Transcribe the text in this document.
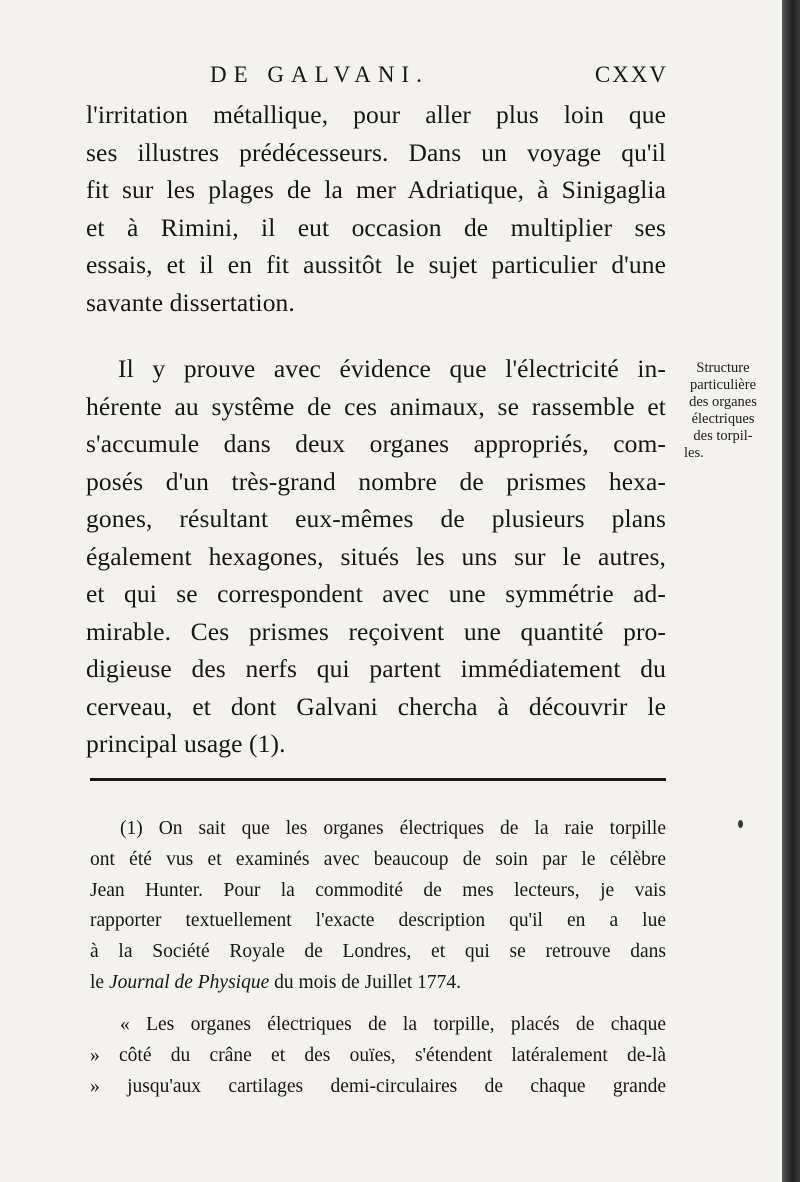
DE GALVANI.	CXXV
l'irritation métallique, pour aller plus loin que
ses illustres prédécesseurs. Dans un voyage qu'il
fit sur les plages de la mer Adriatique, à Sinigaglia
et à Rimini, il eut occasion de multiplier ses
essais, et il en fit aussitôt le sujet particulier d'une
savante dissertation.
Il y prouve avec évidence que l'électricité in-
hérente au systême de ces animaux, se rassemble et
s'accumule dans deux organes appropriés, com-
posés d'un très-grand nombre de prismes hexa-
gones, résultant eux-mêmes de plusieurs plans
également hexagones, situés les uns sur le autres,
et qui se correspondent avec une symmétrie ad-
mirable. Ces prismes reçoivent une quantité pro-
digieuse des nerfs qui partent immédiatement du
cerveau, et dont Galvani chercha à découvrir le
principal usage (1).
Structure
particulière
des organes
électriques
des torpil-
les.
(1) On sait que les organes électriques de la raie torpille
ont été vus et examinés avec beaucoup de soin par le célèbre
Jean Hunter. Pour la commodité de mes lecteurs, je vais
rapporter textuellement l'exacte description qu'il en a lue
à la Société Royale de Londres, et qui se retrouve dans
le Journal de Physique du mois de Juillet 1774.
« Les organes électriques de la torpille, placés de chaque
» côté du crâne et des ouïes, s'étendent latéralement de-là
» jusqu'aux cartilages demi-circulaires de chaque grande
